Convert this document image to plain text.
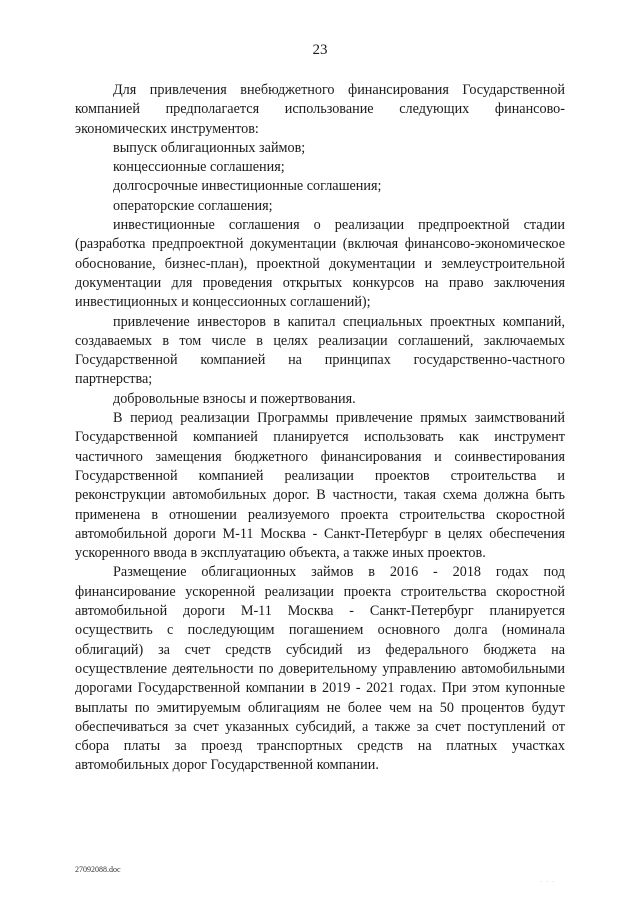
23

Для привлечения внебюджетного финансирования Государственной компанией предполагается использование следующих финансово-экономических инструментов:

выпуск облигационных займов;

концессионные соглашения;

долгосрочные инвестиционные соглашения;

операторские соглашения;

инвестиционные соглашения о реализации предпроектной стадии (разработка предпроектной документации (включая финансово-экономическое обоснование, бизнес-план), проектной документации и землеустроительной документации для проведения открытых конкурсов на право заключения инвестиционных и концессионных соглашений);

привлечение инвесторов в капитал специальных проектных компаний, создаваемых в том числе в целях реализации соглашений, заключаемых Государственной компанией на принципах государственно-частного партнерства;

добровольные взносы и пожертвования.

В период реализации Программы привлечение прямых заимствований Государственной компанией планируется использовать как инструмент частичного замещения бюджетного финансирования и соинвестирования Государственной компанией реализации проектов строительства и реконструкции автомобильных дорог. В частности, такая схема должна быть применена в отношении реализуемого проекта строительства скоростной автомобильной дороги М-11 Москва - Санкт-Петербург в целях обеспечения ускоренного ввода в эксплуатацию объекта, а также иных проектов.

Размещение облигационных займов в 2016 - 2018 годах под финансирование ускоренной реализации проекта строительства скоростной автомобильной дороги М-11 Москва - Санкт-Петербург планируется осуществить с последующим погашением основного долга (номинала облигаций) за счет средств субсидий из федерального бюджета на осуществление деятельности по доверительному управлению автомобильными дорогами Государственной компании в 2019 - 2021 годах. При этом купонные выплаты по эмитируемым облигациям не более чем на 50 процентов будут обеспечиваться за счет указанных субсидий, а также за счет поступлений от сбора платы за проезд транспортных средств на платных участках автомобильных дорог Государственной компании.

27092088.doc
· · ·
